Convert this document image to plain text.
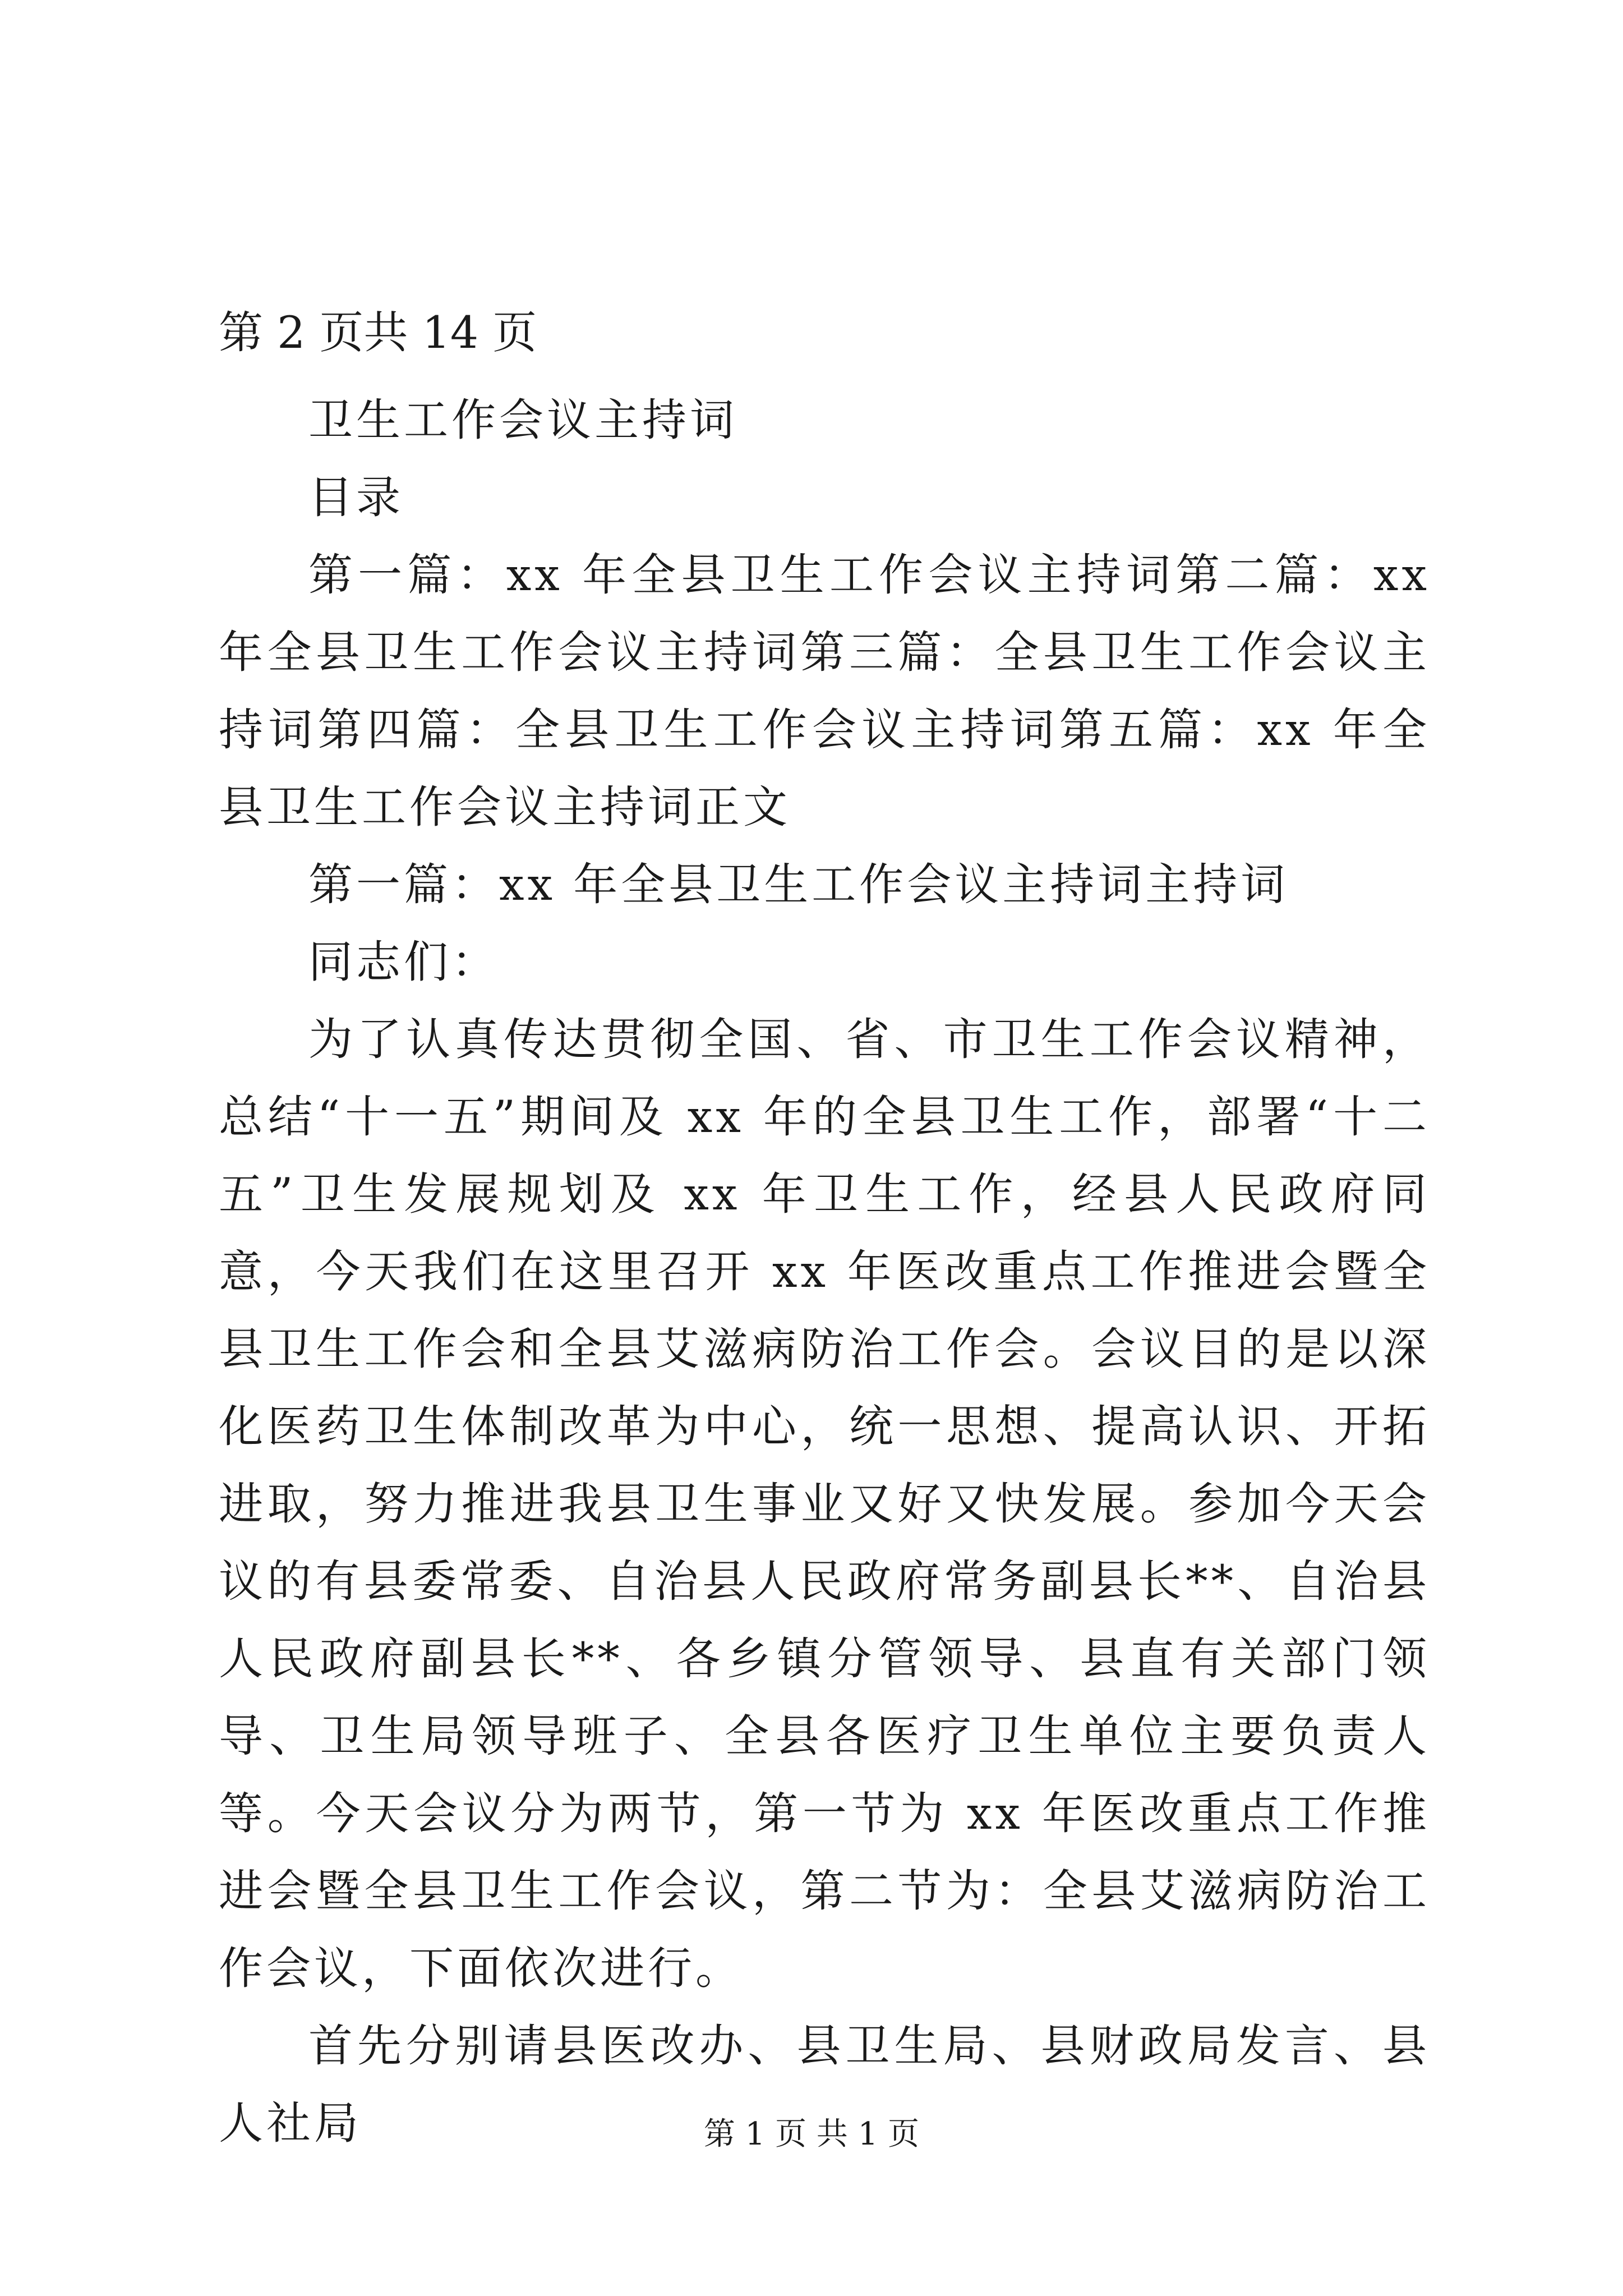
第 2 页共 14 页

卫生工作会议主持词

目录

第一篇：xx 年全县卫生工作会议主持词第二篇：xx 年全县卫生工作会议主持词第三篇：全县卫生工作会议主持词第四篇：全县卫生工作会议主持词第五篇：xx 年全县卫生工作会议主持词正文

第一篇：xx 年全县卫生工作会议主持词主持词

同志们：

为了认真传达贯彻全国、省、市卫生工作会议精神，总结“十一五”期间及 xx 年的全县卫生工作，部署“十二五”卫生发展规划及 xx 年卫生工作，经县人民政府同意，今天我们在这里召开 xx 年医改重点工作推进会暨全县卫生工作会和全县艾滋病防治工作会。会议目的是以深化医药卫生体制改革为中心，统一思想、提高认识、开拓进取，努力推进我县卫生事业又好又快发展。参加今天会议的有县委常委、自治县人民政府常务副县长**、自治县人民政府副县长**、各乡镇分管领导、县直有关部门领导、卫生局领导班子、全县各医疗卫生单位主要负责人等。今天会议分为两节，第一节为 xx 年医改重点工作推进会暨全县卫生工作会议，第二节为：全县艾滋病防治工作会议，下面依次进行。

首先分别请县医改办、县卫生局、县财政局发言、县人社局	第 1 页 共 1 页
